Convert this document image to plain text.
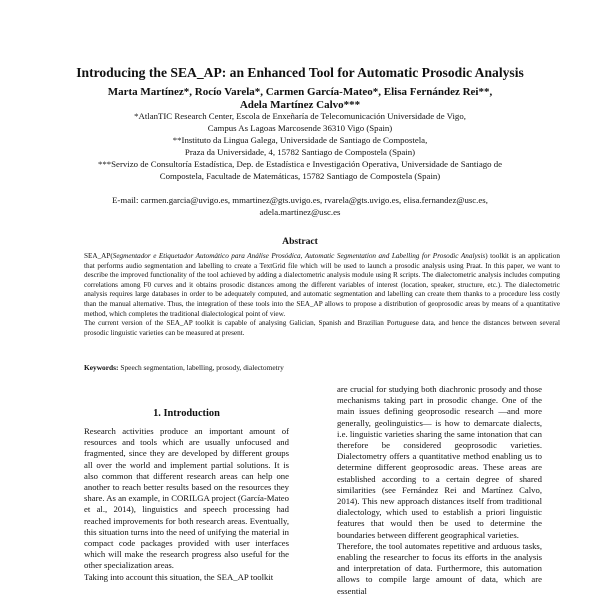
Introducing the SEA_AP: an Enhanced Tool for Automatic Prosodic Analysis
Marta Martínez*, Rocío Varela*, Carmen García-Mateo*, Elisa Fernández Rei**,
Adela Martínez Calvo***
*AtlanTIC Research Center, Escola de Enxeñaría de Telecomunicación Universidade de Vigo,
Campus As Lagoas Marcosende 36310 Vigo (Spain)
**Instituto da Lingua Galega, Universidade de Santiago de Compostela,
Praza da Universidade, 4, 15782 Santiago de Compostela (Spain)
***Servizo de Consultoría Estadística, Dep. de Estadística e Investigación Operativa, Universidade de Santiago de
Compostela, Facultade de Matemáticas, 15782 Santiago de Compostela (Spain)
E-mail: carmen.garcia@uvigo.es, mmartinez@gts.uvigo.es, rvarela@gts.uvigo.es, elisa.fernandez@usc.es,
adela.martinez@usc.es
Abstract

SEA_AP(Segmentador e Etiquetador Automático para Análise Prosódica, Automatic Segmentation and Labelling for Prosodic Analysis) toolkit is an application that performs audio segmentation and labelling to create a TextGrid file which will be used to launch a prosodic analysis using Praat. In this paper, we want to describe the improved functionality of the tool achieved by adding a dialectometric analysis module using R scripts. The dialectometric analysis includes computing correlations among F0 curves and it obtains prosodic distances among the different variables of interest (location, speaker, structure, etc.). The dialectometric analysis requires large databases in order to be adequately computed, and automatic segmentation and labelling can create them thanks to a procedure less costly than the manual alternative. Thus, the integration of these tools into the SEA_AP allows to propose a distribution of geoprosodic areas by means of a quantitative method, which completes the traditional dialectological point of view.

The current version of the SEA_AP toolkit is capable of analysing Galician, Spanish and Brazilian Portuguese data, and hence the distances between several prosodic linguistic varieties can be measured at present.

Keywords: Speech segmentation, labelling, prosody, dialectometry
1. Introduction

Research activities produce an important amount of resources and tools which are usually unfocused and fragmented, since they are developed by different groups all over the world and implement partial solutions. It is also common that different research areas can help one another to reach better results based on the resources they share. As an example, in CORILGA project (García-Mateo et al., 2014), linguistics and speech processing had reached improvements for both research areas. Eventually, this situation turns into the need of unifying the material in compact code packages provided with user interfaces which will make the research progress also useful for the other specialization areas.

Taking into account this situation, the SEA_AP toolkit

are crucial for studying both diachronic prosody and those mechanisms taking part in prosodic change. One of the main issues defining geoprosodic research —and more generally, geolinguistics— is how to demarcate dialects, i.e. linguistic varieties sharing the same intonation that can therefore be considered geoprosodic varieties. Dialectometry offers a quantitative method enabling us to determine different geoprosodic areas. These areas are established according to a certain degree of shared similarities (see Fernández Rei and Martínez Calvo, 2014). This new approach distances itself from traditional dialectology, which used to establish a priori linguistic features that would then be used to determine the boundaries between different geographical varieties.

Therefore, the tool automates repetitive and arduous tasks, enabling the researcher to focus its efforts in the analysis and interpretation of data. Furthermore, this automation allows to compile large amount of data, which are essential
